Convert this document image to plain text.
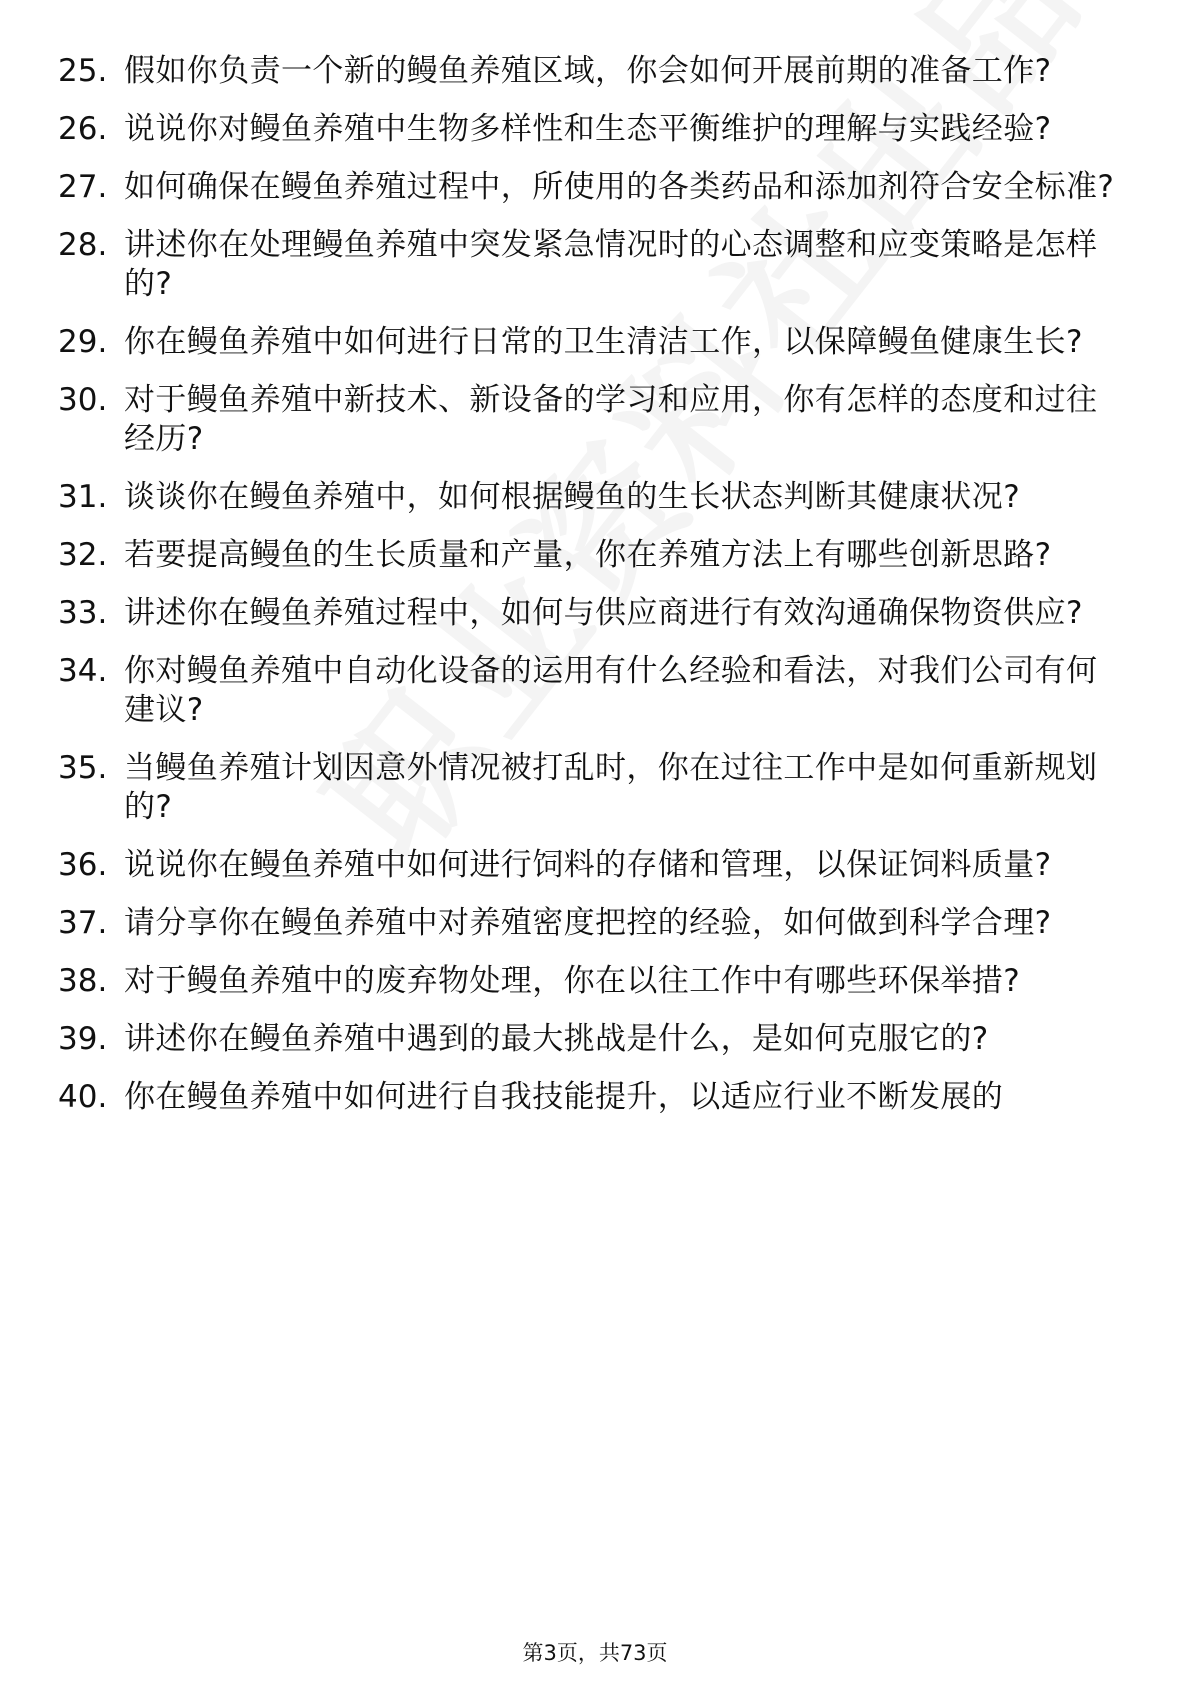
25. 假如你负责一个新的鳗鱼养殖区域，你会如何开展前期的准备工作?
26. 说说你对鳗鱼养殖中生物多样性和生态平衡维护的理解与实践经验?
27. 如何确保在鳗鱼养殖过程中，所使用的各类药品和添加剂符合安全标准?
28. 讲述你在处理鳗鱼养殖中突发紧急情况时的心态调整和应变策略是怎样的?
29. 你在鳗鱼养殖中如何进行日常的卫生清洁工作，以保障鳗鱼健康生长?
30. 对于鳗鱼养殖中新技术、新设备的学习和应用，你有怎样的态度和过往经历?
31. 谈谈你在鳗鱼养殖中，如何根据鳗鱼的生长状态判断其健康状况?
32. 若要提高鳗鱼的生长质量和产量，你在养殖方法上有哪些创新思路?
33. 讲述你在鳗鱼养殖过程中，如何与供应商进行有效沟通确保物资供应?
34. 你对鳗鱼养殖中自动化设备的运用有什么经验和看法，对我们公司有何建议?
35. 当鳗鱼养殖计划因意外情况被打乱时，你在过往工作中是如何重新规划的?
36. 说说你在鳗鱼养殖中如何进行饲料的存储和管理，以保证饲料质量?
37. 请分享你在鳗鱼养殖中对养殖密度把控的经验，如何做到科学合理?
38. 对于鳗鱼养殖中的废弃物处理，你在以往工作中有哪些环保举措?
39. 讲述你在鳗鱼养殖中遇到的最大挑战是什么，是如何克服它的?
40. 你在鳗鱼养殖中如何进行自我技能提升，以适应行业不断发展的
第3页，共73页
